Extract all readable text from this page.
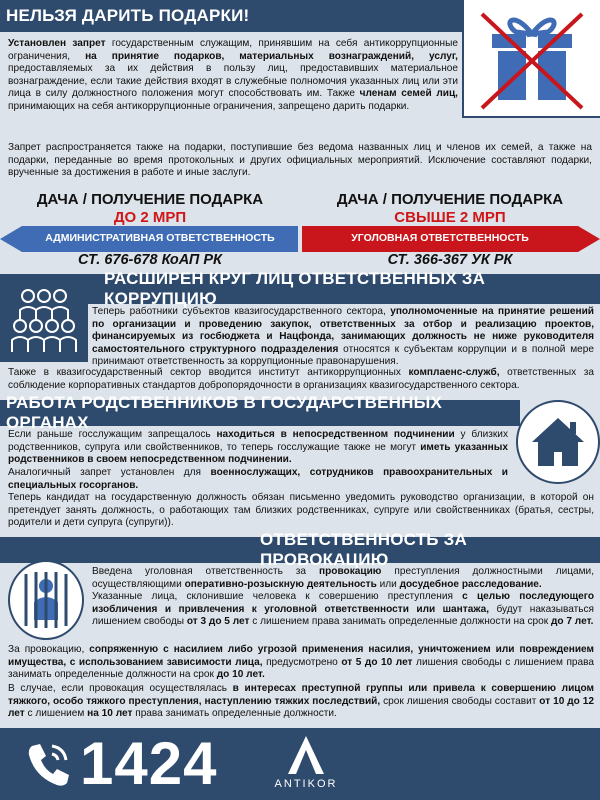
НЕЛЬЗЯ ДАРИТЬ ПОДАРКИ!
Установлен запрет государственным служащим, принявшим на себя антикоррупционные ограничения, на принятие подарков, материальных вознаграждений, услуг, предоставляемых за их действия в пользу лиц, предоставивших материальное вознаграждение, если такие действия входят в служебные полномочия указанных лиц или эти лица в силу должностного положения могут способствовать им. Также членам семей лиц, принимающих на себя антикоррупционные ограничения, запрещено дарить подарки.
Запрет распространяется также на подарки, поступившие без ведома названных лиц и членов их семей, а также на подарки, переданные во время протокольных и других официальных мероприятий. Исключение составляют подарки, врученные за достижения в работе и иные заслуги.
ДАЧА / ПОЛУЧЕНИЕ ПОДАРКА
ДО 2 МРП
ДАЧА / ПОЛУЧЕНИЕ ПОДАРКА
СВЫШЕ 2 МРП
АДМИНИСТРАТИВНАЯ ОТВЕТСТВЕННОСТЬ	УГОЛОВНАЯ ОТВЕТСТВЕННОСТЬ
СТ. 676-678 КоАП РК	СТ. 366-367 УК РК
РАСШИРЕН КРУГ ЛИЦ ОТВЕТСТВЕННЫХ ЗА КОРРУПЦИЮ
Теперь работники субъектов квазигосударственного сектора, уполномоченные на принятие решений по организации и проведению закупок, ответственных за отбор и реализацию проектов, финансируемых из госбюджета и Нацфонда, занимающих должность не ниже руководителя самостоятельного структурного подразделения относятся к субъектам коррупции и в полной мере принимают ответственность за коррупционные правонарушения.
Также в квазигосударственный сектор вводится институт антикоррупционных комплаенс-служб, ответственных за соблюдение корпоративных стандартов добропорядочности в организациях квазигосударственного сектора.
РАБОТА РОДСТВЕННИКОВ В ГОСУДАРСТВЕННЫХ ОРГАНАХ
Если раньше госслужащим запрещалось находиться в непосредственном подчинении у близких родственников, супруга или свойственников, то теперь госслужащие также не могут иметь указанных родственников в своем непосредственном подчинении.
Аналогичный запрет установлен для военнослужащих, сотрудников правоохранительных и специальных госорганов.
Теперь кандидат на государственную должность обязан письменно уведомить руководство организации, в которой он претендует занять должность, о работающих там близких родственниках, супруге или свойственниках (братья, сестры, родители и дети супруга (супруги)).
ОТВЕТСТВЕННОСТЬ ЗА ПРОВОКАЦИЮ
Введена уголовная ответственность за провокацию преступления должностными лицами, осуществляющими оперативно-розыскную деятельность или досудебное расследование.
Указанные лица, склонившие человека к совершению преступления с целью последующего изобличения и привлечения к уголовной ответственности или шантажа, будут наказываться лишением свободы от 3 до 5 лет с лишением права занимать определенные должности на срок до 7 лет.
За провокацию, сопряженную с насилием либо угрозой применения насилия, уничтожением или повреждением имущества, с использованием зависимости лица, предусмотрено от 5 до 10 лет лишения свободы с лишением права занимать определенные должности на срок до 10 лет.
В случае, если провокация осуществлялась в интересах преступной группы или привела к совершению лицом тяжкого, особо тяжкого преступления, наступлению тяжких последствий, срок лишения свободы составит от 10 до 12 лет с лишением на 10 лет права занимать определенные должности.
1424	ANTIKOR
